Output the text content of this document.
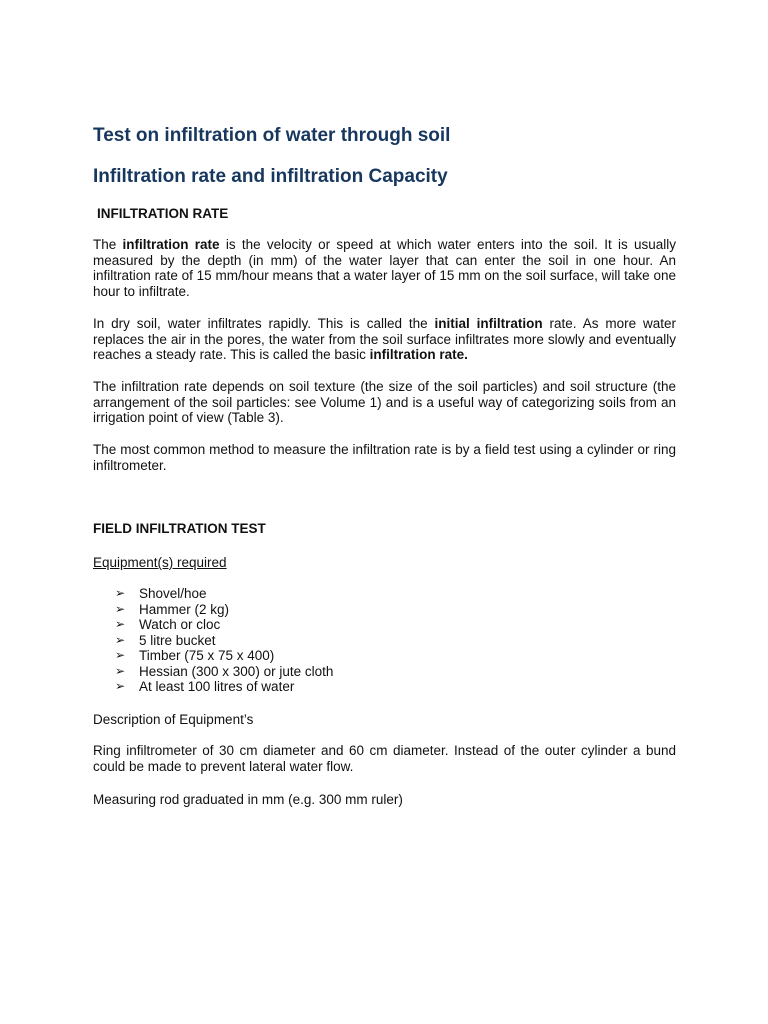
Test on infiltration of water through soil
Infiltration rate and infiltration Capacity
INFILTRATION RATE

The infiltration rate is the velocity or speed at which water enters into the soil. It is usually measured by the depth (in mm) of the water layer that can enter the soil in one hour. An infiltration rate of 15 mm/hour means that a water layer of 15 mm on the soil surface, will take one hour to infiltrate.

In dry soil, water infiltrates rapidly. This is called the initial infiltration rate. As more water replaces the air in the pores, the water from the soil surface infiltrates more slowly and eventually reaches a steady rate. This is called the basic infiltration rate.

The infiltration rate depends on soil texture (the size of the soil particles) and soil structure (the arrangement of the soil particles: see Volume 1) and is a useful way of categorizing soils from an irrigation point of view (Table 3).

The most common method to measure the infiltration rate is by a field test using a cylinder or ring infiltrometer.

FIELD INFILTRATION TEST

Equipment(s) required

➢ Shovel/hoe
➢ Hammer (2 kg)
➢ Watch or cloc
➢ 5 litre bucket
➢ Timber (75 x 75 x 400)
➢ Hessian (300 x 300) or jute cloth
➢ At least 100 litres of water

Description of Equipment’s

Ring infiltrometer of 30 cm diameter and 60 cm diameter. Instead of the outer cylinder a bund could be made to prevent lateral water flow.

Measuring rod graduated in mm (e.g. 300 mm ruler)
